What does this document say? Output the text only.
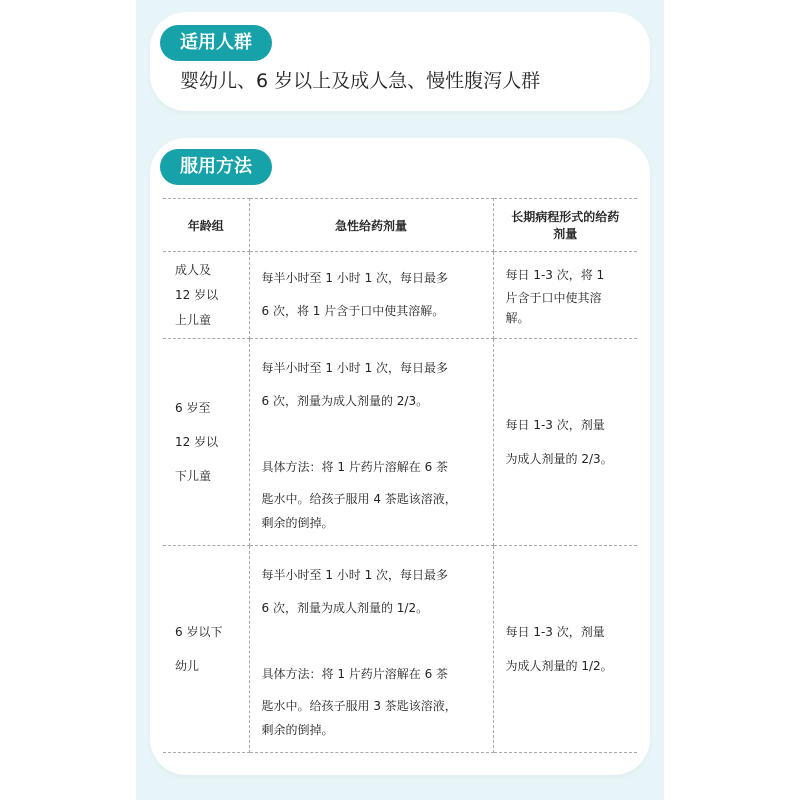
适用人群
婴幼儿、6 岁以上及成人急、慢性腹泻人群
服用方法
年龄组	急性给药剂量	长期病程形式的给药
剂量

成人及
12 岁以
上儿童	每半小时至 1 小时 1 次，每日最多
6 次，将 1 片含于口中使其溶解。	每日 1-3 次，将 1
片含于口中使其溶
解。

6 岁至
12 岁以
下儿童	每半小时至 1 小时 1 次，每日最多
6 次，剂量为成人剂量的 2/3。
具体方法：将 1 片药片溶解在 6 茶
匙水中。给孩子服用 4 茶匙该溶液，
剩余的倒掉。	每日 1-3 次，剂量
为成人剂量的 2/3。

6 岁以下
幼儿	每半小时至 1 小时 1 次，每日最多
6 次，剂量为成人剂量的 1/2。
具体方法：将 1 片药片溶解在 6 茶
匙水中。给孩子服用 3 茶匙该溶液，
剩余的倒掉。	每日 1-3 次，剂量
为成人剂量的 1/2。
